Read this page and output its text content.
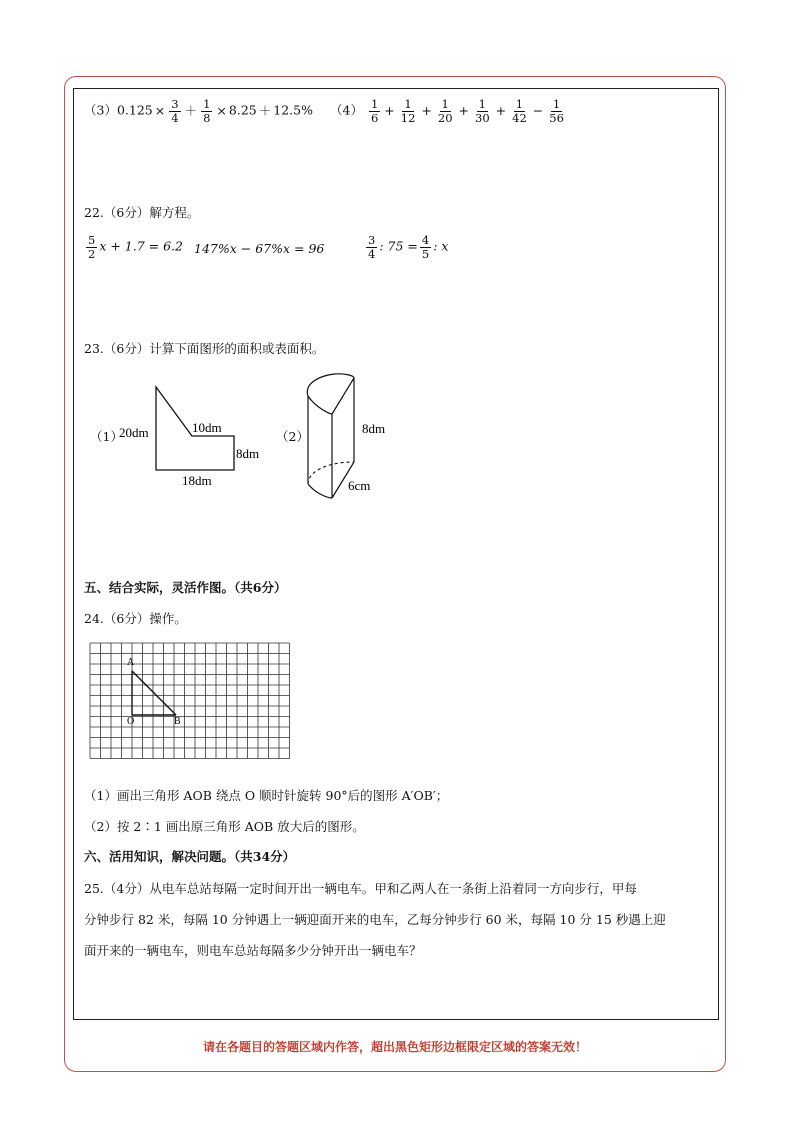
$(3)0.125 \times \frac{3}{4} + \frac{1}{8} \times 8.25 + 12.5\%$ $(4) \frac{1}{6} + \frac{1}{12} + \frac{1}{20} + \frac{1}{30} + \frac{1}{42} - \frac{1}{56}$
22.（6分）解方程。
$\frac{5}{2}$ x + 1.7 = 6.2 147%x − 67%x = 96	$\frac{3}{4}$ : $75 = \frac{4}{5}$ : x
23.（6分）计算下面图形的面积或表面积。
（1）
20dm	10dm
8dm
18dm
（2）
8dm
6cm
五、结合实际，灵活作图。（共6分）
24.（6分）操作。
A
O	B
（1）画出三角形 AOB 绕点 O 顺时针旋转 90°后的图形 A′OB′；
（2）按 2∶1 画出原三角形 AOB 放大后的图形。
六、活用知识，解决问题。（共34分）
25.（4分）从电车总站每隔一定时间开出一辆电车。甲和乙两人在一条街上沿着同一方向步行，甲每
分钟步行 82 米，每隔 10 分钟遇上一辆迎面开来的电车，乙每分钟步行 60 米，每隔 10 分 15 秒遇上迎
面开来的一辆电车，则电车总站每隔多少分钟开出一辆电车？
请在各题目的答题区域内作答，超出黑色矩形边框限定区域的答案无效！
